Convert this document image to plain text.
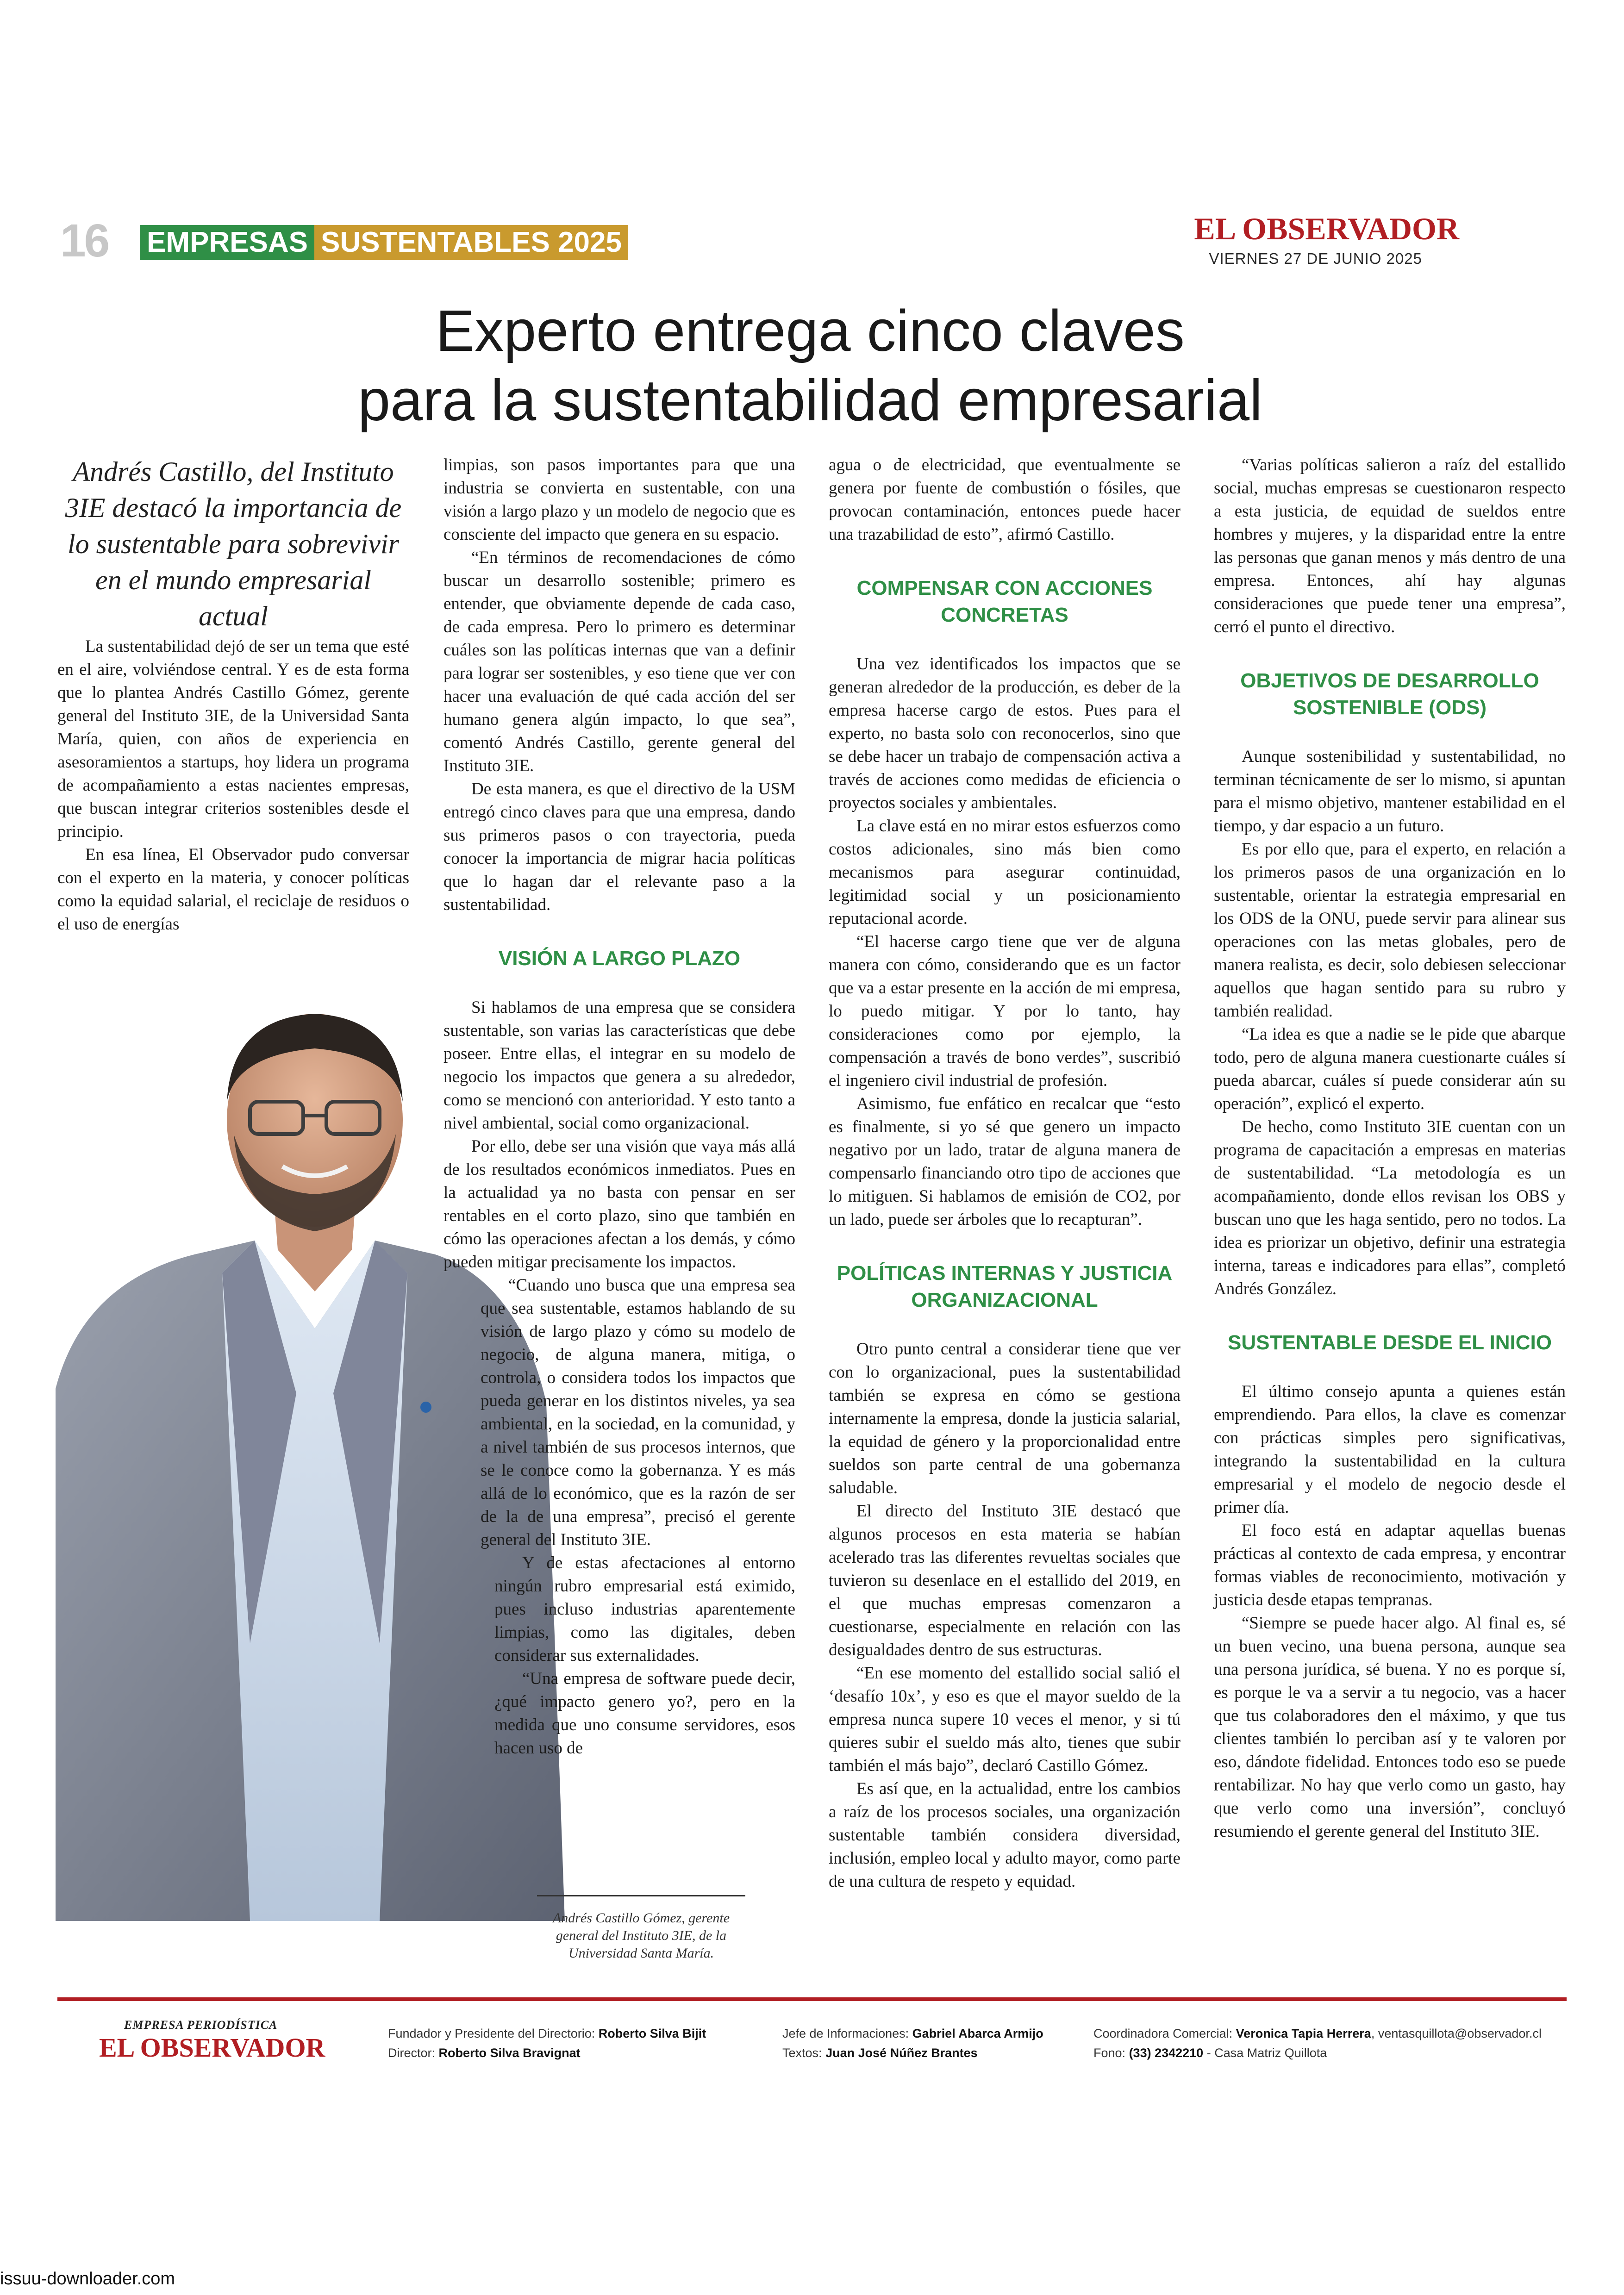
16 EMPRESAS SUSTENTABLES 2025	EL OBSERVADOR
VIERNES 27 DE JUNIO 2025
Experto entrega cinco claves
para la sustentabilidad empresarial
Andrés Castillo, del Instituto 3IE destacó la importancia de lo sustentable para sobrevivir en el mundo empresarial actual

La sustentabilidad dejó de ser un tema que esté en el aire, volviéndose central. Y es de esta forma que lo plantea Andrés Castillo Gómez, gerente general del Instituto 3IE, de la Universidad Santa María, quien, con años de experiencia en asesoramientos a startups, hoy lidera un programa de acompañamiento a estas nacientes empresas, que buscan integrar criterios sostenibles desde el principio.

En esa línea, El Observador pudo conversar con el experto en la materia, y conocer políticas como la equidad salarial, el reciclaje de residuos o el uso de energías

limpias, son pasos importantes para que una industria se convierta en sustentable, con una visión a largo plazo y un modelo de negocio que es consciente del impacto que genera en su espacio.

“En términos de recomendaciones de cómo buscar un desarrollo sostenible; primero es entender, que obviamente depende de cada caso, de cada empresa. Pero lo primero es determinar cuáles son las políticas internas que van a definir para lograr ser sostenibles, y eso tiene que ver con hacer una evaluación de qué cada acción del ser humano genera algún impacto, lo que sea”, comentó Andrés Castillo, gerente general del Instituto 3IE.

De esta manera, es que el directivo de la USM entregó cinco claves para que una empresa, dando sus primeros pasos o con trayectoria, pueda conocer la importancia de migrar hacia políticas que lo hagan dar el relevante paso a la sustentabilidad.

VISIÓN A LARGO PLAZO

Si hablamos de una empresa que se considera sustentable, son varias las características que debe poseer. Entre ellas, el integrar en su modelo de negocio los impactos que genera a su alrededor, como se mencionó con anterioridad. Y esto tanto a nivel ambiental, social como organizacional.

Por ello, debe ser una visión que vaya más allá de los resultados económicos inmediatos. Pues en la actualidad ya no basta con pensar en ser rentables en el corto plazo, sino que también en cómo las operaciones afectan a los demás, y cómo pueden mitigar precisamente los impactos.

“Cuando uno busca que una empresa sea que sea sustentable, estamos hablando de su visión de largo plazo y cómo su modelo de negocio, de alguna manera, mitiga, o controla, o considera todos los impactos que pueda generar en los distintos niveles, ya sea ambiental, en la sociedad, en la comunidad, y a nivel también de sus procesos internos, que se le conoce como la gobernanza. Y es más allá de lo económico, que es la razón de ser de la de una empresa”, precisó el gerente general del Instituto 3IE.

Y de estas afectaciones al entorno ningún rubro empresarial está eximido, pues incluso industrias aparentemente limpias, como las digitales, deben considerar sus externalidades.

“Una empresa de software puede decir, ¿qué impacto genero yo?, pero en la medida que uno consume servidores, esos hacen uso de

Andrés Castillo Gómez, gerente general del Instituto 3IE, de la Universidad Santa María.

agua o de electricidad, que eventualmente se genera por fuente de combustión o fósiles, que provocan contaminación, entonces puede hacer una trazabilidad de esto”, afirmó Castillo.

COMPENSAR CON ACCIONES CONCRETAS

Una vez identificados los impactos que se generan alrededor de la producción, es deber de la empresa hacerse cargo de estos. Pues para el experto, no basta solo con reconocerlos, sino que se debe hacer un trabajo de compensación activa a través de acciones como medidas de eficiencia o proyectos sociales y ambientales.

La clave está en no mirar estos esfuerzos como costos adicionales, sino más bien como mecanismos para asegurar continuidad, legitimidad social y un posicionamiento reputacional acorde.

“El hacerse cargo tiene que ver de alguna manera con cómo, considerando que es un factor que va a estar presente en la acción de mi empresa, lo puedo mitigar. Y por lo tanto, hay consideraciones como por ejemplo, la compensación a través de bono verdes”, suscribió el ingeniero civil industrial de profesión.

Asimismo, fue enfático en recalcar que “esto es finalmente, si yo sé que genero un impacto negativo por un lado, tratar de alguna manera de compensarlo financiando otro tipo de acciones que lo mitiguen. Si hablamos de emisión de CO2, por un lado, puede ser árboles que lo recapturan”.

POLÍTICAS INTERNAS Y JUSTICIA ORGANIZACIONAL

Otro punto central a considerar tiene que ver con lo organizacional, pues la sustentabilidad también se expresa en cómo se gestiona internamente la empresa, donde la justicia salarial, la equidad de género y la proporcionalidad entre sueldos son parte central de una gobernanza saludable.

El directo del Instituto 3IE destacó que algunos procesos en esta materia se habían acelerado tras las diferentes revueltas sociales que tuvieron su desenlace en el estallido del 2019, en el que muchas empresas comenzaron a cuestionarse, especialmente en relación con las desigualdades dentro de sus estructuras.

“En ese momento del estallido social salió el ‘desafío 10x’, y eso es que el mayor sueldo de la empresa nunca supere 10 veces el menor, y si tú quieres subir el sueldo más alto, tienes que subir también el más bajo”, declaró Castillo Gómez.

Es así que, en la actualidad, entre los cambios a raíz de los procesos sociales, una organización sustentable también considera diversidad, inclusión, empleo local y adulto mayor, como parte de una cultura de respeto y equidad.

“Varias políticas salieron a raíz del estallido social, muchas empresas se cuestionaron respecto a esta justicia, de equidad de sueldos entre hombres y mujeres, y la disparidad entre la entre las personas que ganan menos y más dentro de una empresa. Entonces, ahí hay algunas consideraciones que puede tener una empresa”, cerró el punto el directivo.

OBJETIVOS DE DESARROLLO SOSTENIBLE (ODS)

Aunque sostenibilidad y sustentabilidad, no terminan técnicamente de ser lo mismo, si apuntan para el mismo objetivo, mantener estabilidad en el tiempo, y dar espacio a un futuro.

Es por ello que, para el experto, en relación a los primeros pasos de una organización en lo sustentable, orientar la estrategia empresarial en los ODS de la ONU, puede servir para alinear sus operaciones con las metas globales, pero de manera realista, es decir, solo debiesen seleccionar aquellos que hagan sentido para su rubro y también realidad.

“La idea es que a nadie se le pide que abarque todo, pero de alguna manera cuestionarte cuáles sí pueda abarcar, cuáles sí puede considerar aún su operación”, explicó el experto.

De hecho, como Instituto 3IE cuentan con un programa de capacitación a empresas en materias de sustentabilidad. “La metodología es un acompañamiento, donde ellos revisan los OBS y buscan uno que les haga sentido, pero no todos. La idea es priorizar un objetivo, definir una estrategia interna, tareas e indicadores para ellas”, completó Andrés González.

SUSTENTABLE DESDE EL INICIO

El último consejo apunta a quienes están emprendiendo. Para ellos, la clave es comenzar con prácticas simples pero significativas, integrando la sustentabilidad en la cultura empresarial y el modelo de negocio desde el primer día.

El foco está en adaptar aquellas buenas prácticas al contexto de cada empresa, y encontrar formas viables de reconocimiento, motivación y justicia desde etapas tempranas.

“Siempre se puede hacer algo. Al final es, sé un buen vecino, una buena persona, aunque sea una persona jurídica, sé buena. Y no es porque sí, es porque le va a servir a tu negocio, vas a hacer que tus colaboradores den el máximo, y que tus clientes también lo perciban así y te valoren por eso, dándote fidelidad. Entonces todo eso se puede rentabilizar. No hay que verlo como un gasto, hay que verlo como una inversión”, concluyó resumiendo el gerente general del Instituto 3IE.

EMPRESA PERIODÍSTICA
EL OBSERVADOR	Fundador y Presidente del Directorio: Roberto Silva Bijit
Director: Roberto Silva Bravignat
Jefe de Informaciones: Gabriel Abarca Armijo
Textos: Juan José Núñez Brantes
Coordinadora Comercial: Veronica Tapia Herrera, ventasquillota@observador.cl
Fono: (33) 2342210 - Casa Matriz Quillota
issuu-downloader.com
